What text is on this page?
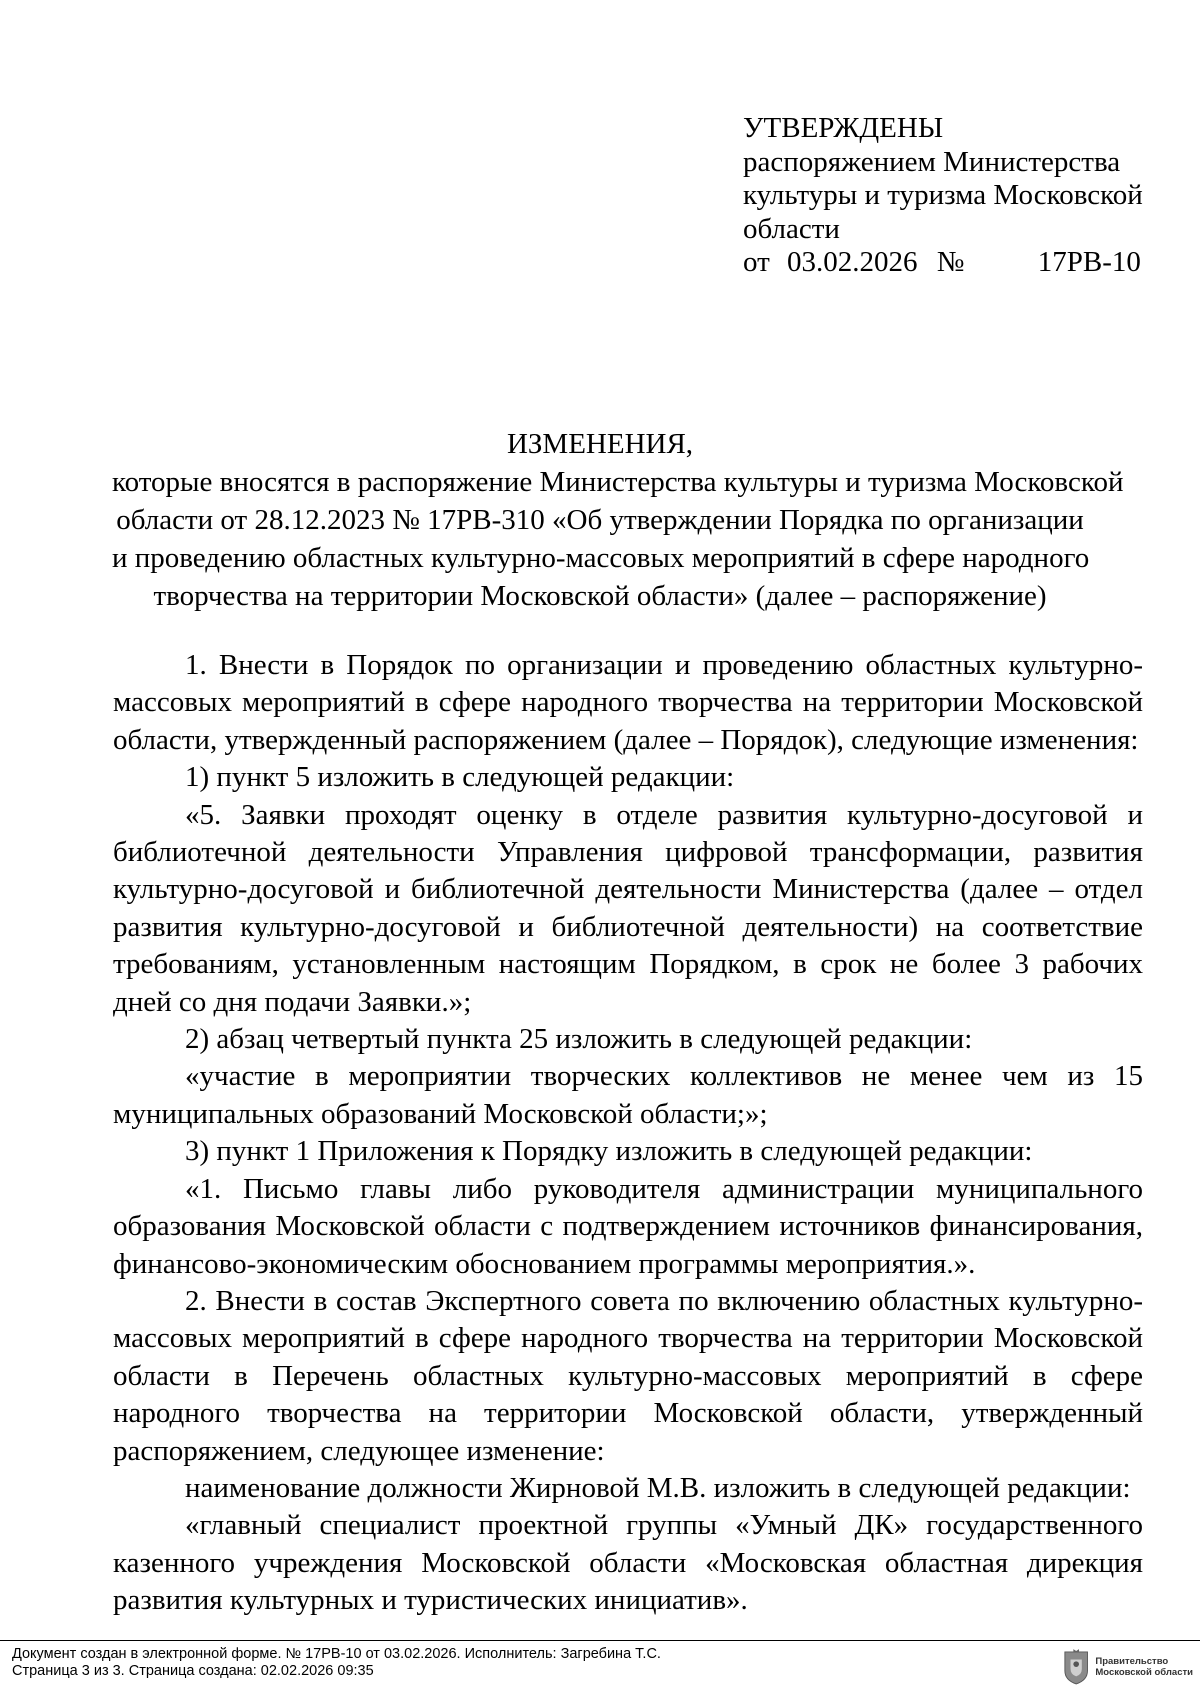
УТВЕРЖДЕНЫ
распоряжением Министерства
культуры и туризма Московской
области
от 03.02.2026 №	17РВ-10
ИЗМЕНЕНИЯ,
которые вносятся в распоряжение Министерства культуры и туризма Московской
области от 28.12.2023 № 17РВ-310 «Об утверждении Порядка по организации
и проведению областных культурно-массовых мероприятий в сфере народного
творчества на территории Московской области» (далее – распоряжение)

1. Внести в Порядок по организации и проведению областных культурно-массовых мероприятий в сфере народного творчества на территории Московской области, утвержденный распоряжением (далее – Порядок), следующие изменения:

1) пункт 5 изложить в следующей редакции:

«5. Заявки проходят оценку в отделе развития культурно-досуговой и библиотечной деятельности Управления цифровой трансформации, развития культурно-досуговой и библиотечной деятельности Министерства (далее – отдел развития культурно-досуговой и библиотечной деятельности) на соответствие требованиям, установленным настоящим Порядком, в срок не более 3 рабочих дней со дня подачи Заявки.»;

2) абзац четвертый пункта 25 изложить в следующей редакции:

«участие в мероприятии творческих коллективов не менее чем из 15 муниципальных образований Московской области;»;

3) пункт 1 Приложения к Порядку изложить в следующей редакции:

«1. Письмо главы либо руководителя администрации муниципального образования Московской области с подтверждением источников финансирования, финансово-экономическим обоснованием программы мероприятия.».

2. Внести в состав Экспертного совета по включению областных культурно-массовых мероприятий в сфере народного творчества на территории Московской области в Перечень областных культурно-массовых мероприятий в сфере народного творчества на территории Московской области, утвержденный распоряжением, следующее изменение:

наименование должности Жирновой М.В. изложить в следующей редакции:

«главный специалист проектной группы «Умный ДК» государственного казенного учреждения Московской области «Московская областная дирекция развития культурных и туристических инициатив».

Документ создан в электронной форме. № 17РВ-10 от 03.02.2026. Исполнитель: Загребина Т.С.
Страница 3 из 3. Страница создана: 02.02.2026 09:35
Правительство
Московской области
